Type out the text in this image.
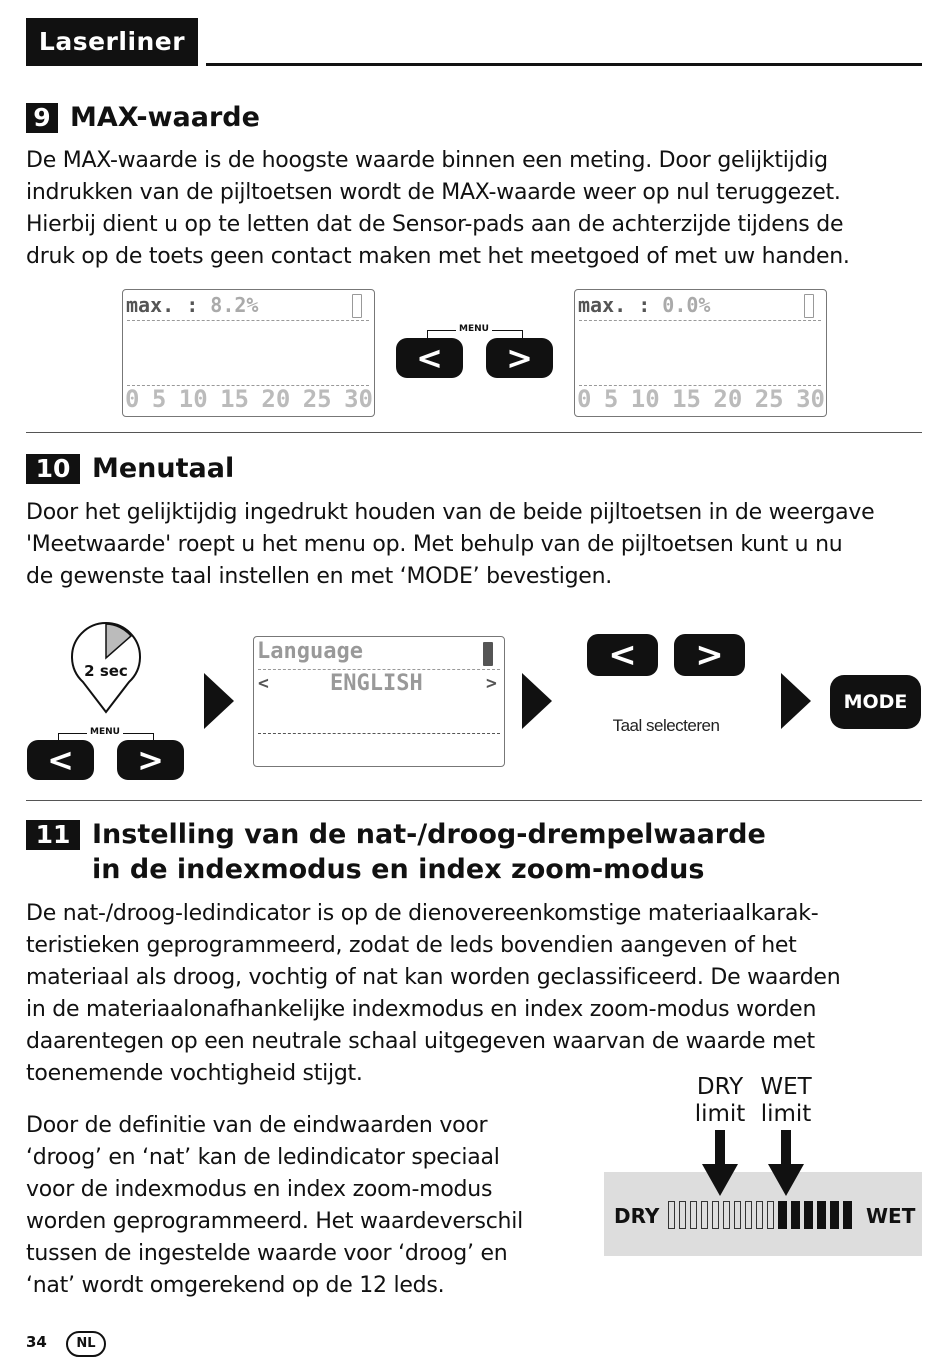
Laserliner
9 MAX-waarde
De MAX-waarde is de hoogste waarde binnen een meting. Door gelijktijdig
indrukken van de pijltoetsen wordt de MAX-waarde weer op nul teruggezet.
Hierbij dient u op te letten dat de Sensor-pads aan de achterzijde tijdens de
druk op de toets geen contact maken met het meetgoed of met uw handen.
max. : 8.2%
0 5 10 15 20 25 30
MENU
<	>
max. : 0.0%
0 5 10 15 20 25 30
10 Menutaal
Door het gelijktijdig ingedrukt houden van de beide pijltoetsen in de weergave
'Meetwaarde' roept u het menu op. Met behulp van de pijltoetsen kunt u nu
de gewenste taal instellen en met ‘MODE’ bevestigen.
2 sec
MENU
<	>
Language
<	ENGLISH	>
<	>
Taal selecteren
MODE
11 Instelling van de nat-/droog-drempelwaarde
in de indexmodus en index zoom-modus
De nat-/droog-ledindicator is op de dienovereenkomstige materiaalkarak-
teristieken geprogrammeerd, zodat de leds bovendien aangeven of het
materiaal als droog, vochtig of nat kan worden geclassificeerd. De waarden
in de materiaalonafhankelijke indexmodus en index zoom-modus worden
daarentegen op een neutrale schaal uitgegeven waarvan de waarde met
toenemende vochtigheid stijgt.
Door de definitie van de eindwaarden voor
‘droog’ en ‘nat’ kan de ledindicator speciaal
voor de indexmodus en index zoom-modus
worden geprogrammeerd. Het waardeverschil
tussen de ingestelde waarde voor ‘droog’ en
‘nat’ wordt omgerekend op de 12 leds.
DRY
limit
WET
limit
DRY	WET
34	NL
